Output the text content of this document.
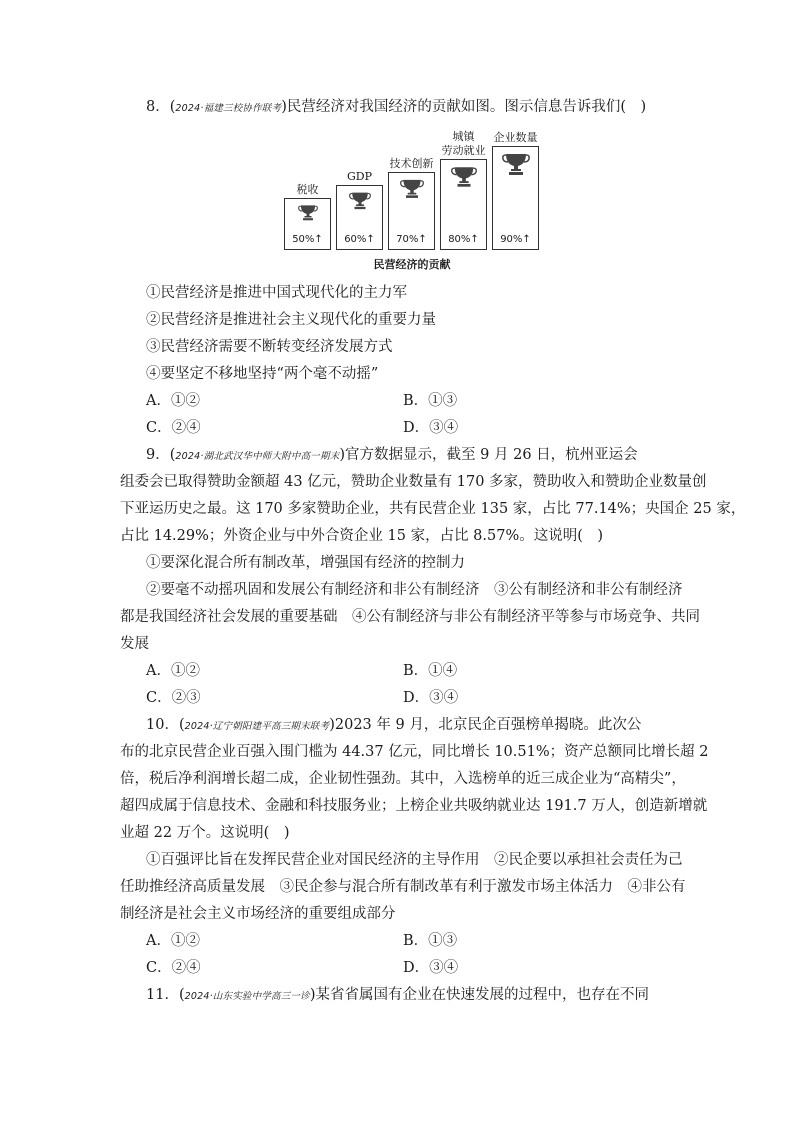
8．(2024·福建三校协作联考)民营经济对我国经济的贡献如图。图示信息告诉我们(　)
民营经济的贡献
50%↑
税收
60%↑
GDP
70%↑
技术创新
80%↑
城镇
劳动就业
90%↑
企业数量
①民营经济是推进中国式现代化的主力军
②民营经济是推进社会主义现代化的重要力量
③民营经济需要不断转变经济发展方式
④要坚定不移地坚持“两个毫不动摇”
A．①②	B．①③
C．②④	D．③④
9．(2024·湖北武汉华中师大附中高一期末)官方数据显示，截至 9 月 26 日，杭州亚运会
组委会已取得赞助金额超 43 亿元，赞助企业数量有 170 多家，赞助收入和赞助企业数量创
下亚运历史之最。这 170 多家赞助企业，共有民营企业 135 家，占比 77.14%；央国企 25 家，
占比 14.29%；外资企业与中外合资企业 15 家，占比 8.57%。这说明(　)
①要深化混合所有制改革，增强国有经济的控制力
②要毫不动摇巩固和发展公有制经济和非公有制经济　③公有制经济和非公有制经济
都是我国经济社会发展的重要基础　④公有制经济与非公有制经济平等参与市场竞争、共同
发展
A．①②	B．①④
C．②③	D．③④
10．(2024·辽宁朝阳建平高三期末联考)2023 年 9 月，北京民企百强榜单揭晓。此次公
布的北京民营企业百强入围门槛为 44.37 亿元，同比增长 10.51%；资产总额同比增长超 2
倍，税后净利润增长超二成，企业韧性强劲。其中，入选榜单的近三成企业为“高精尖”，
超四成属于信息技术、金融和科技服务业；上榜企业共吸纳就业达 191.7 万人，创造新增就
业超 22 万个。这说明(　)
①百强评比旨在发挥民营企业对国民经济的主导作用　②民企要以承担社会责任为己
任助推经济高质量发展　③民企参与混合所有制改革有利于激发市场主体活力　④非公有
制经济是社会主义市场经济的重要组成部分
A．①②	B．①③
C．②④	D．③④
11．(2024·山东实验中学高三一诊)某省省属国有企业在快速发展的过程中，也存在不同
